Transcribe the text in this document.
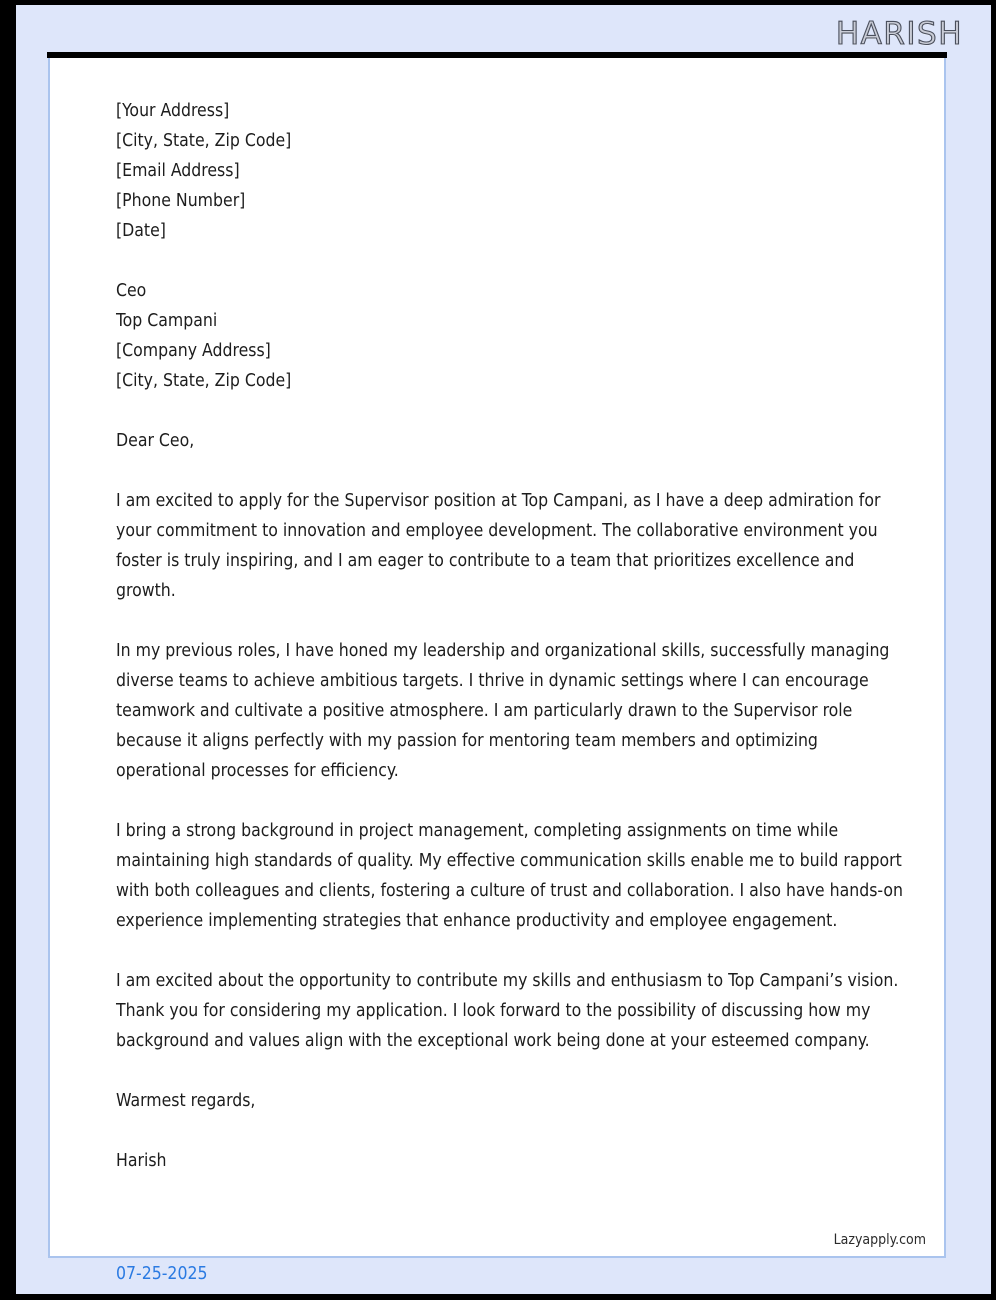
HARISH
[Your Address]
[City, State, Zip Code]
[Email Address]
[Phone Number]
[Date]
Ceo
Top Campani
[Company Address]
[City, State, Zip Code]

Dear Ceo,

I am excited to apply for the Supervisor position at Top Campani, as I have a deep admiration for your commitment to innovation and employee development. The collaborative environment you foster is truly inspiring, and I am eager to contribute to a team that prioritizes excellence and growth.

In my previous roles, I have honed my leadership and organizational skills, successfully managing diverse teams to achieve ambitious targets. I thrive in dynamic settings where I can encourage teamwork and cultivate a positive atmosphere. I am particularly drawn to the Supervisor role because it aligns perfectly with my passion for mentoring team members and optimizing operational processes for efficiency.

I bring a strong background in project management, completing assignments on time while maintaining high standards of quality. My effective communication skills enable me to build rapport with both colleagues and clients, fostering a culture of trust and collaboration. I also have hands-on experience implementing strategies that enhance productivity and employee engagement.

I am excited about the opportunity to contribute my skills and enthusiasm to Top Campani’s vision. Thank you for considering my application. I look forward to the possibility of discussing how my background and values align with the exceptional work being done at your esteemed company.

Warmest regards,

Harish

07-25-2025
Lazyapply.com
